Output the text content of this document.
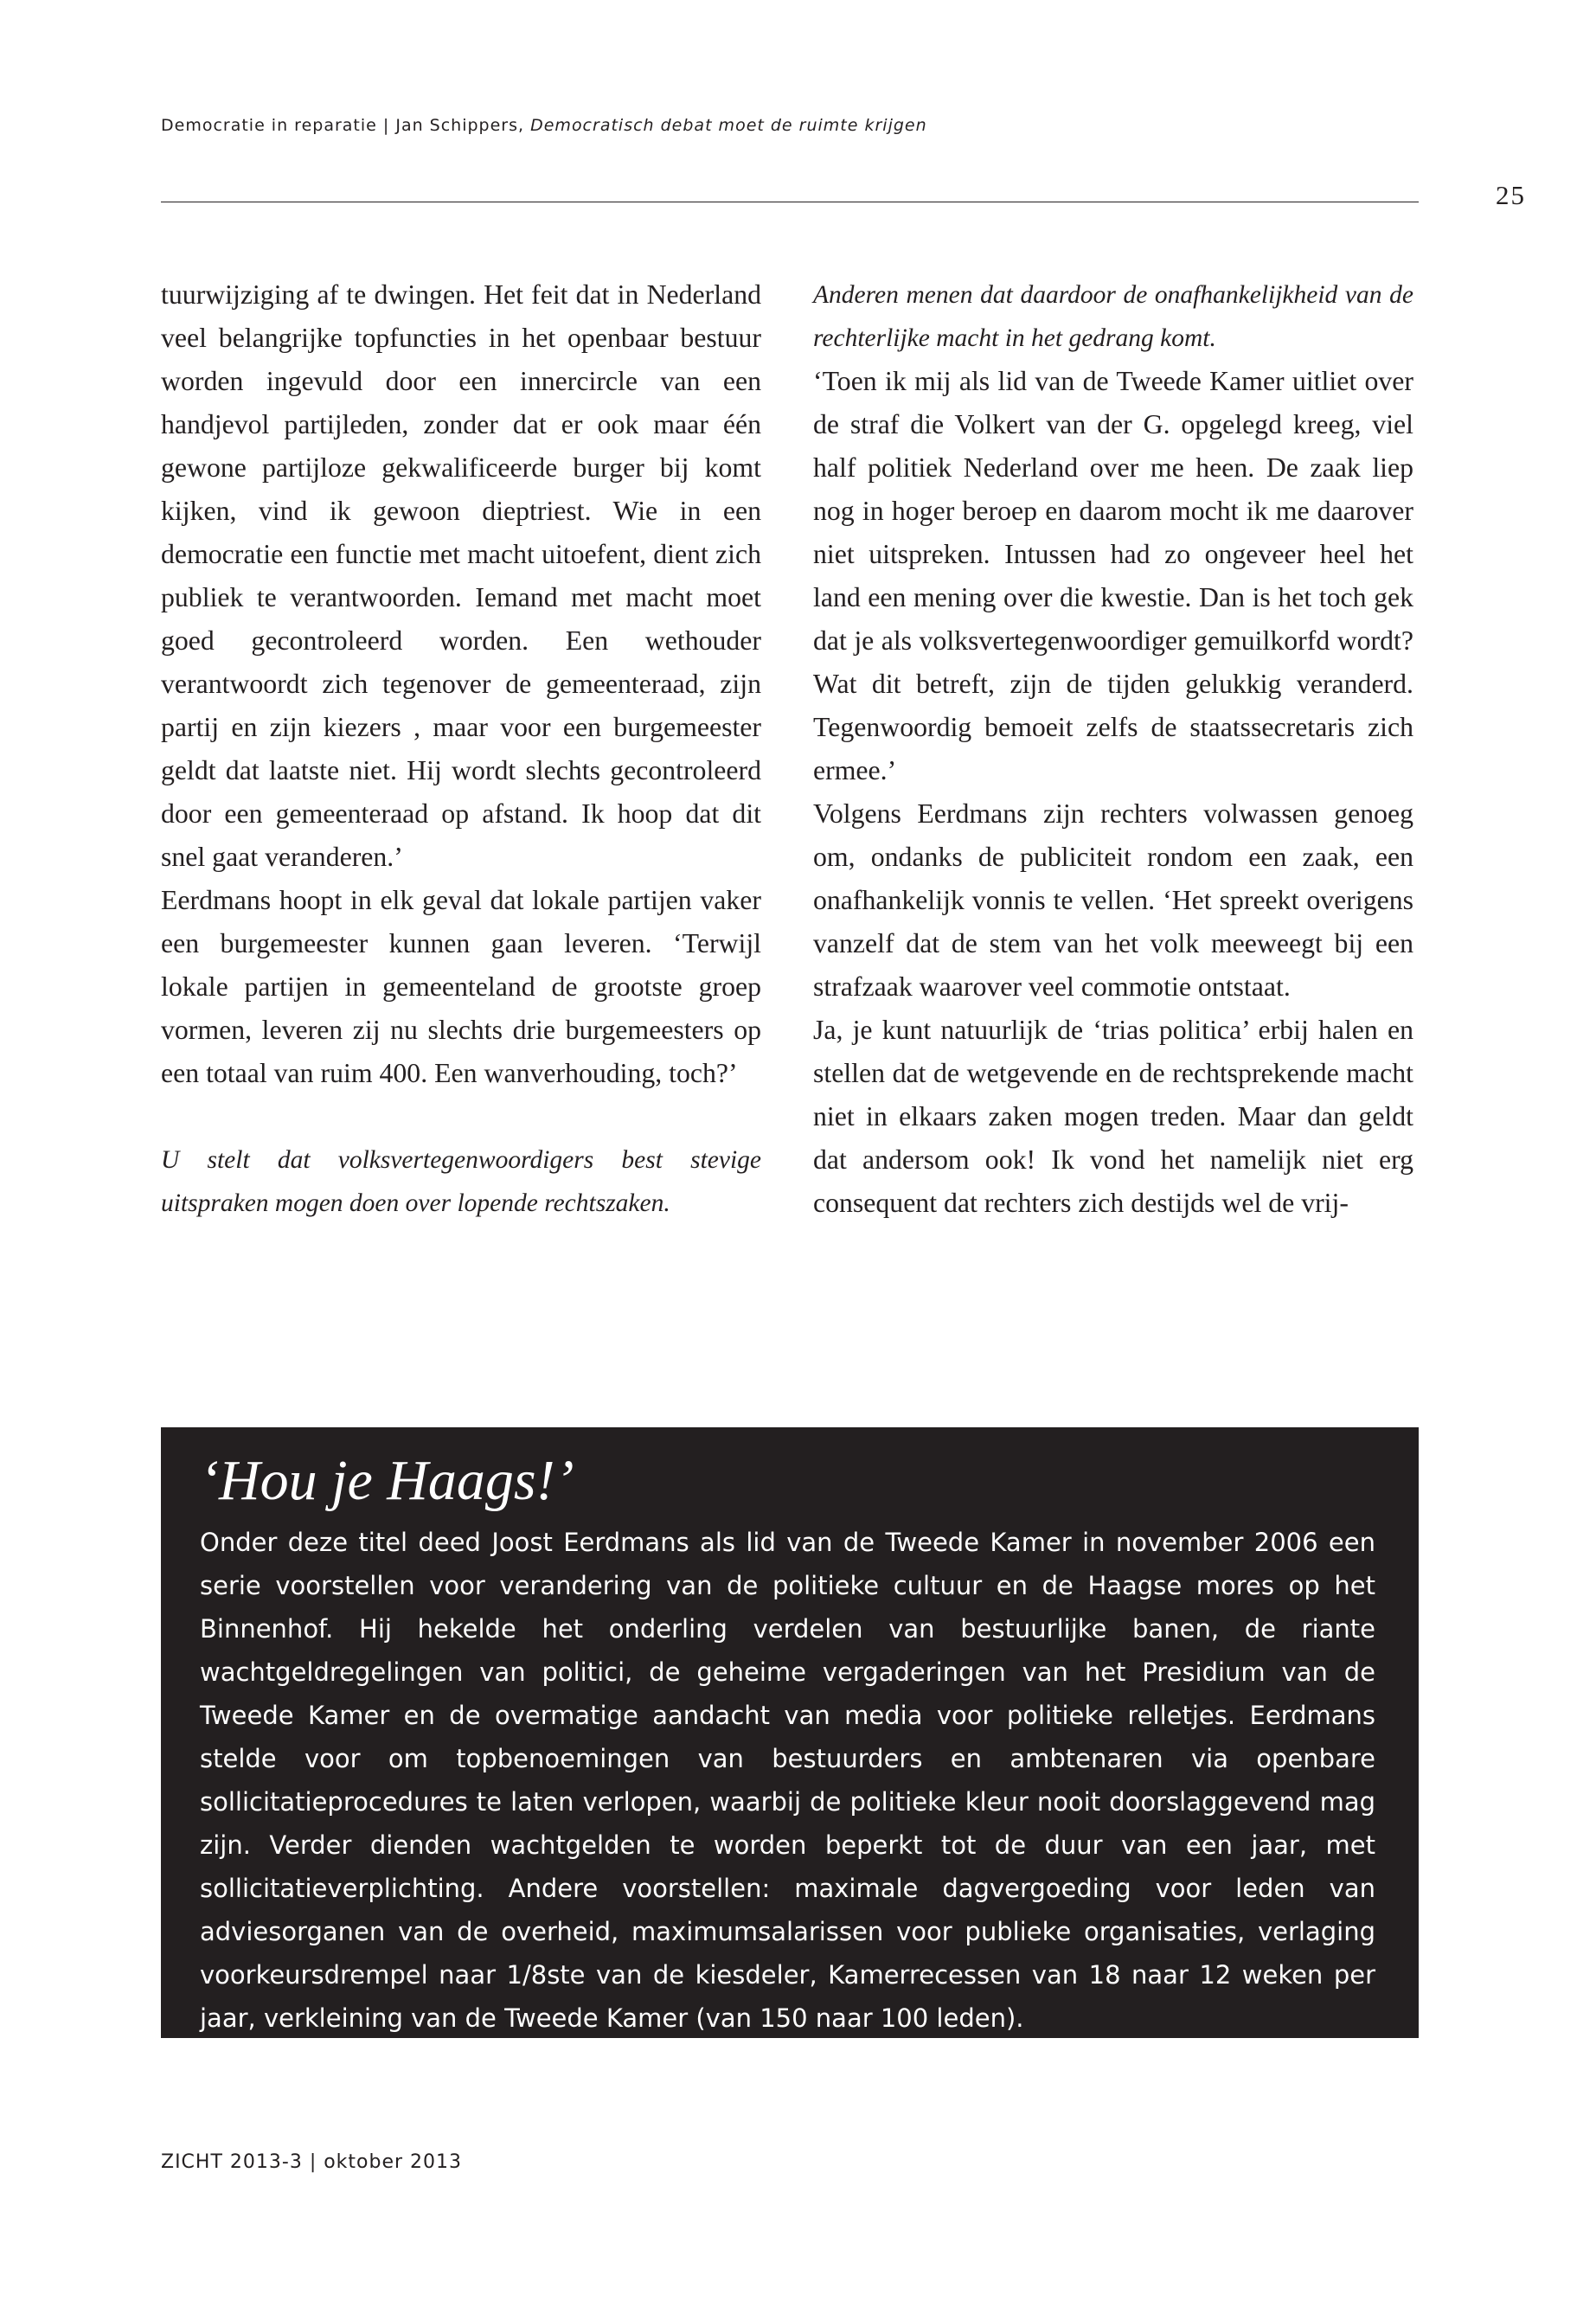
Democratie in reparatie | Jan Schippers, Democratisch debat moet de ruimte krijgen
25

tuurwijziging af te dwingen. Het feit dat in Nederland veel belangrijke topfuncties in het openbaar bestuur worden ingevuld door een innercircle van een handjevol partijleden, zonder dat er ook maar één gewone partijloze gekwalificeerde burger bij komt kijken, vind ik gewoon dieptriest. Wie in een democratie een functie met macht uitoefent, dient zich publiek te verantwoorden. Iemand met macht moet goed gecontroleerd worden. Een wethouder verantwoordt zich tegenover de gemeenteraad, zijn partij en zijn kiezers , maar voor een burgemeester geldt dat laatste niet. Hij wordt slechts gecontroleerd door een gemeenteraad op afstand. Ik hoop dat dit snel gaat veranderen.’

Eerdmans hoopt in elk geval dat lokale partijen vaker een burgemeester kunnen gaan leveren. ‘Terwijl lokale partijen in gemeenteland de grootste groep vormen, leveren zij nu slechts drie burgemeesters op een totaal van ruim 400. Een wanverhouding, toch?’

U stelt dat volksvertegenwoordigers best stevige uitspraken mogen doen over lopende rechtszaken.

Anderen menen dat daardoor de onafhankelijkheid van de rechterlijke macht in het gedrang komt.

‘Toen ik mij als lid van de Tweede Kamer uitliet over de straf die Volkert van der G. opgelegd kreeg, viel half politiek Nederland over me heen. De zaak liep nog in hoger beroep en daarom mocht ik me daarover niet uitspreken. Intussen had zo ongeveer heel het land een mening over die kwestie. Dan is het toch gek dat je als volksvertegenwoordiger gemuilkorfd wordt? Wat dit betreft, zijn de tijden gelukkig veranderd. Tegenwoordig bemoeit zelfs de staatssecretaris zich ermee.’

Volgens Eerdmans zijn rechters volwassen genoeg om, ondanks de publiciteit rondom een zaak, een onafhankelijk vonnis te vellen. ‘Het spreekt overigens vanzelf dat de stem van het volk meeweegt bij een strafzaak waarover veel commotie ontstaat.

Ja, je kunt natuurlijk de ‘trias politica’ erbij halen en stellen dat de wetgevende en de rechtsprekende macht niet in elkaars zaken mogen treden. Maar dan geldt dat andersom ook! Ik vond het namelijk niet erg consequent dat rechters zich destijds wel de vrij-

‘Hou je Haags!’

Onder deze titel deed Joost Eerdmans als lid van de Tweede Kamer in november 2006 een serie voorstellen voor verandering van de politieke cultuur en de Haagse mores op het Binnenhof. Hij hekelde het onderling verdelen van bestuurlijke banen, de riante wachtgeldregelingen van politici, de geheime vergaderingen van het Presidium van de Tweede Kamer en de overmatige aandacht van media voor politieke relletjes. Eerdmans stelde voor om topbenoemingen van bestuurders en ambtenaren via openbare sollicitatieprocedures te laten verlopen, waarbij de politieke kleur nooit doorslaggevend mag zijn. Verder dienden wachtgelden te worden beperkt tot de duur van een jaar, met sollicitatieverplichting. Andere voorstellen: maximale dagvergoeding voor leden van adviesorganen van de overheid, maximumsalarissen voor publieke organisaties, verlaging voorkeursdrempel naar 1/8ste van de kiesdeler, Kamerrecessen van 18 naar 12 weken per jaar, verkleining van de Tweede Kamer (van 150 naar 100 leden).

ZICHT 2013-3 | oktober 2013
